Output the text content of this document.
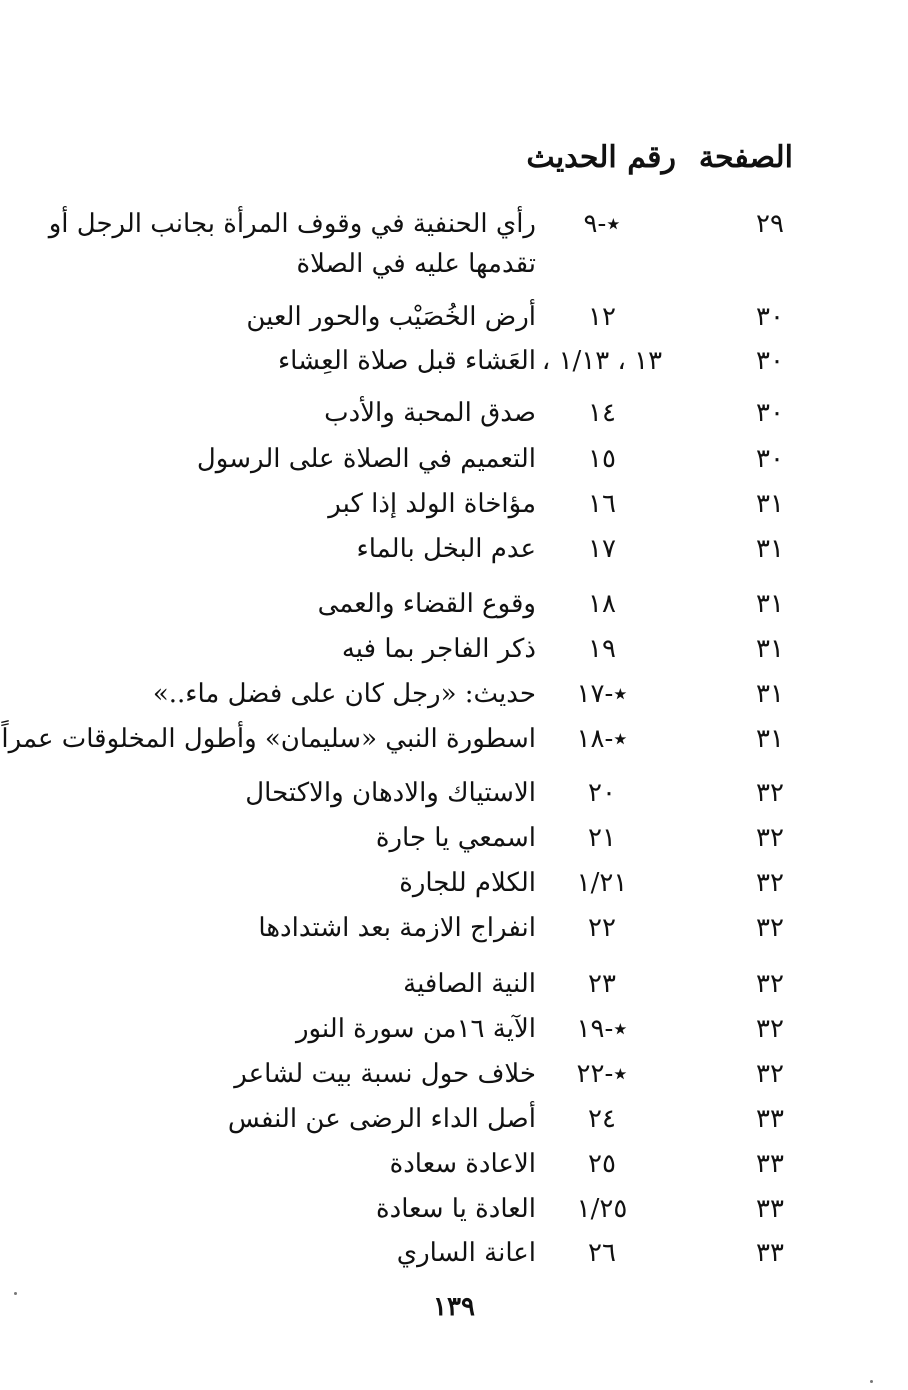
الصفحة
رقم الحديث
٢٩
٭-٩
رأي الحنفية في وقوف المرأة بجانب الرجل أو
تقدمها عليه في الصلاة
٣٠
١٢
أرض الخُصَيْب والحور العين
٣٠
١٣ ، ١/١٣ ،
العَشاء قبل صلاة العِشاء
٣٠
١٤
صدق المحبة والأدب
٣٠
١٥
التعميم في الصلاة على الرسول
٣١
١٦
مؤاخاة الولد إذا كبر
٣١
١٧
عدم البخل بالماء
٣١
١٨
وقوع القضاء والعمى
٣١
١٩
ذكر الفاجر بما فيه
٣١
٭-١٧
حديث: «رجل كان على فضل ماء..»
٣١
٭-١٨
اسطورة النبي «سليمان» وأطول المخلوقات عمراً
٣٢
٢٠
الاستياك والادهان والاكتحال
٣٢
٢١
اسمعي يا جارة
٣٢
١/٢١
الكلام للجارة
٣٢
٢٢
انفراج الازمة بعد اشتدادها
٣٢
٢٣
النية الصافية
٣٢
٭-١٩
الآية ١٦من سورة النور
٣٢
٭-٢٢
خلاف حول نسبة بيت لشاعر
٣٣
٢٤
أصل الداء الرضى عن النفس
٣٣
٢٥
الاعادة سعادة
٣٣
١/٢٥
العادة يا سعادة
٣٣
٢٦
اعانة الساري
١٣٩
